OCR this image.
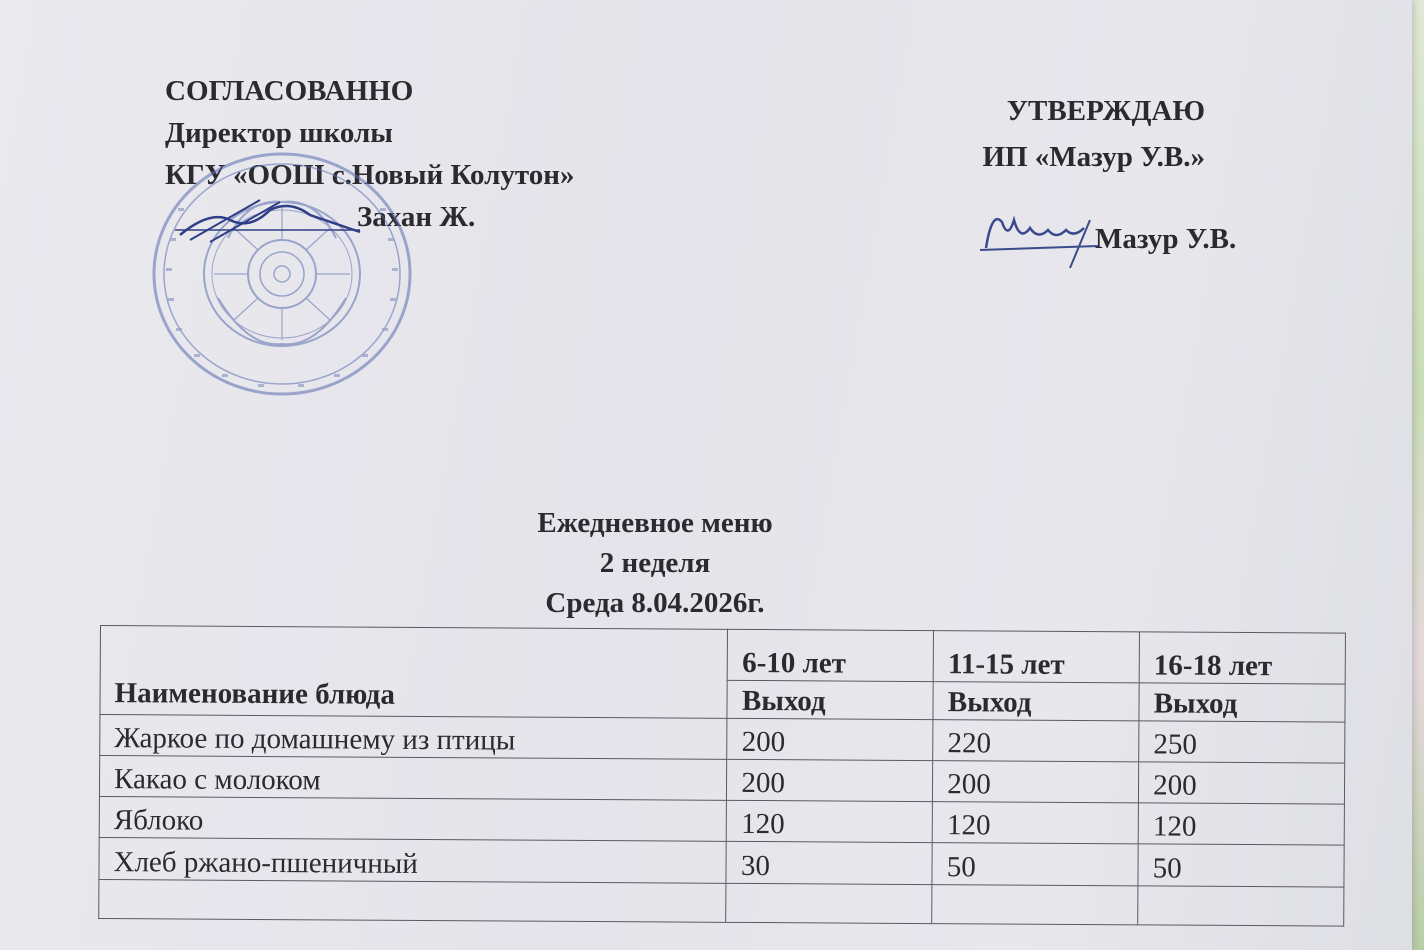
СОГЛАСОВАННО
Директор школы
КГУ «ООШ с.Новый Колутон»
Захан Ж.
УТВЕРЖДАЮ
ИП «Мазур У.В.»
Мазур У.В.
Ежедневное меню
2 неделя
Среда 8.04.2026г.
Наименование блюда	6-10 лет	11-15 лет	16-18 лет
	Выход	Выход	Выход
Жаркое по домашнему из птицы	200	220	250
Какао с молоком	200	200	200
Яблоко	120	120	120
Хлеб ржано-пшеничный	30	50	50
